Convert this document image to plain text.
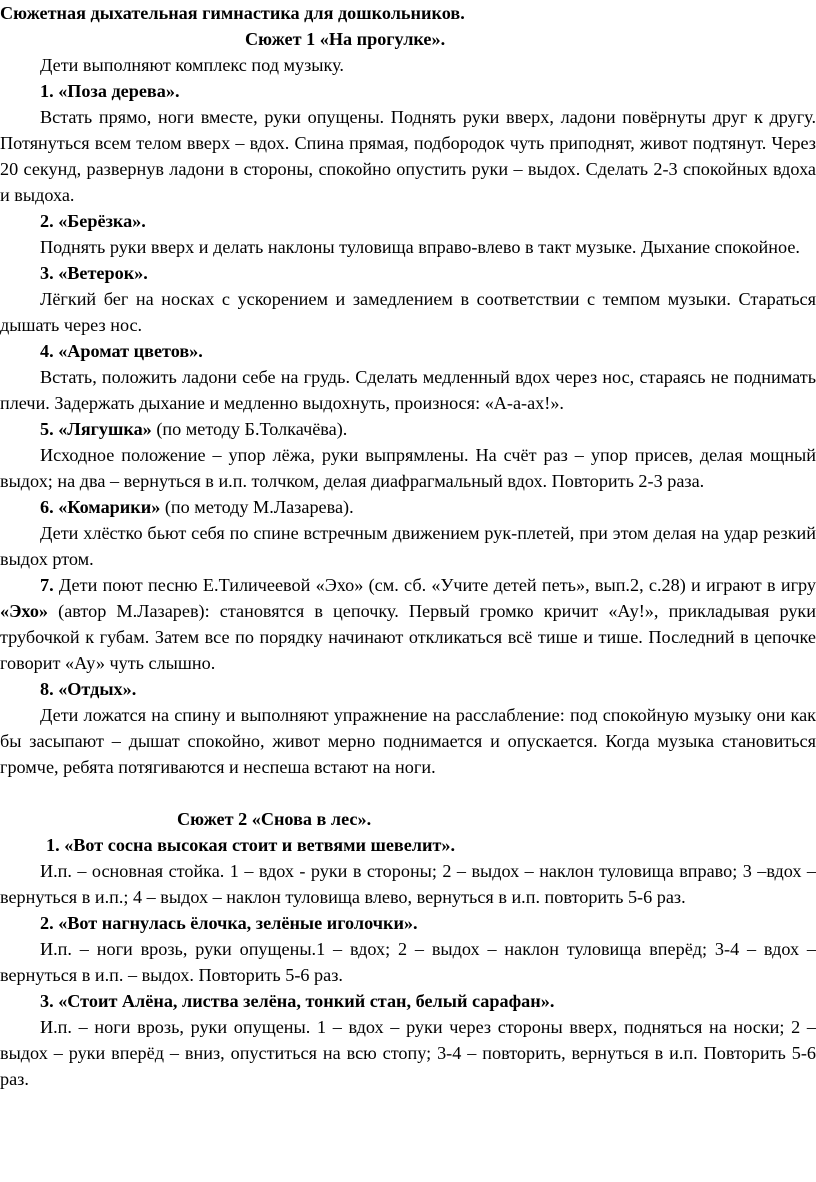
Сюжетная дыхательная гимнастика для дошкольников.

Сюжет 1 «На прогулке».

Дети выполняют комплекс под музыку.

1. «Поза дерева».

Встать прямо, ноги вместе, руки опущены. Поднять руки вверх, ладони повёрнуты друг к другу. Потянуться всем телом вверх – вдох. Спина прямая, подбородок чуть приподнят, живот подтянут. Через 20 секунд, развернув ладони в стороны, спокойно опустить руки – выдох. Сделать 2-3 спокойных вдоха и выдоха.

2. «Берёзка».

Поднять руки вверх и делать наклоны туловища вправо-влево в такт музыке. Дыхание спокойное.

3. «Ветерок».

Лёгкий бег на носках с ускорением и замедлением в соответствии с темпом музыки. Стараться дышать через нос.

4. «Аромат цветов».

Встать, положить ладони себе на грудь. Сделать медленный вдох через нос, стараясь не поднимать плечи. Задержать дыхание и медленно выдохнуть, произнося: «А-а-ах!».

5. «Лягушка» (по методу Б.Толкачёва).

Исходное положение – упор лёжа, руки выпрямлены. На счёт раз – упор присев, делая мощный выдох; на два – вернуться в и.п. толчком, делая диафрагмальный вдох. Повторить 2-3 раза.

6. «Комарики» (по методу М.Лазарева).

Дети хлёстко бьют себя по спине встречным движением рук-плетей, при этом делая на удар резкий выдох ртом.

7. Дети поют песню Е.Тиличеевой «Эхо» (см. сб. «Учите детей петь», вып.2, с.28) и играют в игру «Эхо» (автор М.Лазарев): становятся в цепочку. Первый громко кричит «Ау!», прикладывая руки трубочкой к губам. Затем все по порядку начинают откликаться всё тише и тише. Последний в цепочке говорит «Ау» чуть слышно.

8. «Отдых».

Дети ложатся на спину и выполняют упражнение на расслабление: под спокойную музыку они как бы засыпают – дышат спокойно, живот мерно поднимается и опускается. Когда музыка становиться громче, ребята потягиваются и неспеша встают на ноги.

Сюжет 2 «Снова в лес».

1. «Вот сосна высокая стоит и ветвями шевелит».

И.п. – основная стойка. 1 – вдох - руки в стороны; 2 – выдох – наклон туловища вправо; 3 –вдох – вернуться в и.п.; 4 – выдох – наклон туловища влево, вернуться в и.п. повторить 5-6 раз.

2. «Вот нагнулась ёлочка, зелёные иголочки».

И.п. – ноги врозь, руки опущены.1 – вдох; 2 – выдох – наклон туловища вперёд; 3-4 – вдох – вернуться в и.п. – выдох. Повторить 5-6 раз.

3. «Стоит Алёна, листва зелёна, тонкий стан, белый сарафан».

И.п. – ноги врозь, руки опущены. 1 – вдох – руки через стороны вверх, подняться на носки; 2 – выдох – руки вперёд – вниз, опуститься на всю стопу; 3-4 – повторить, вернуться в и.п. Повторить 5-6 раз.
